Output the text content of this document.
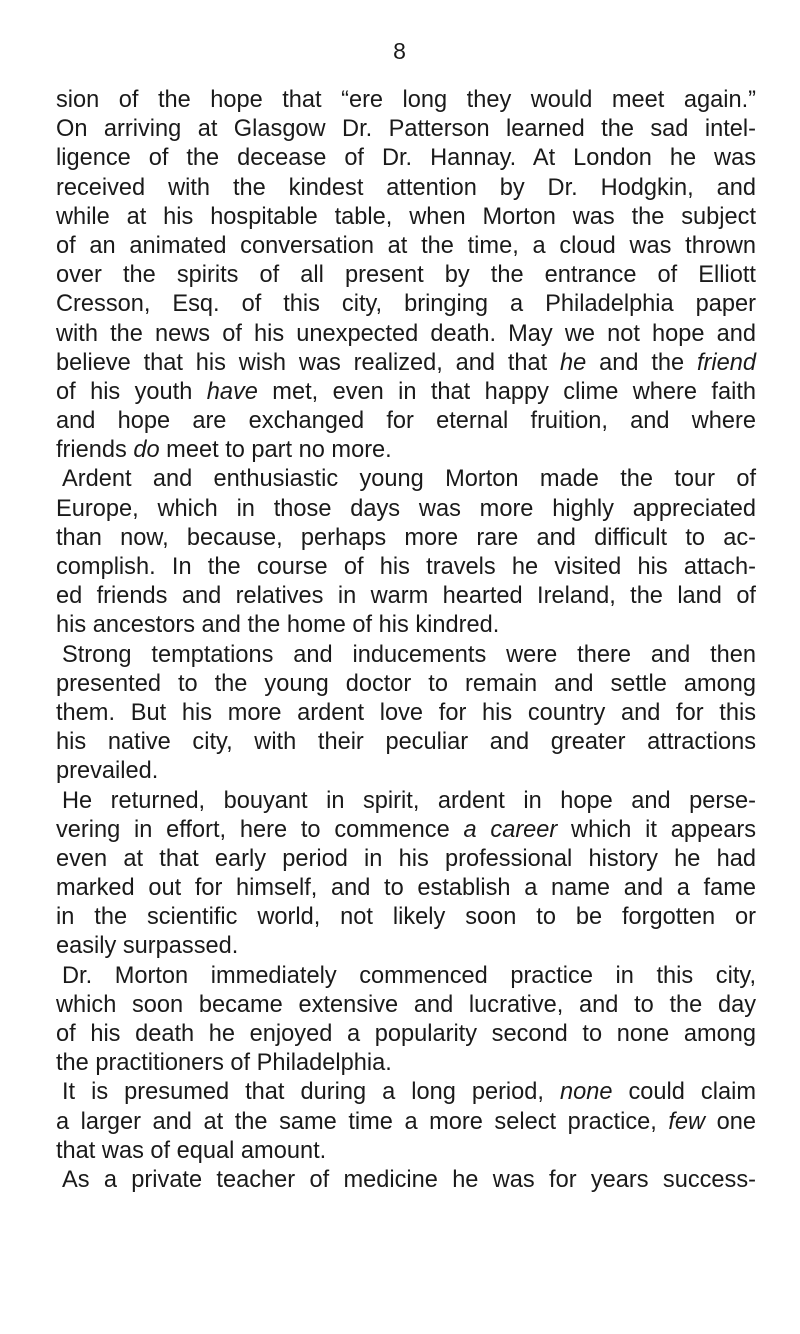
8
sion of the hope that “ere long they would meet again.”
On arriving at Glasgow Dr. Patterson learned the sad intel-
ligence of the decease of Dr. Hannay. At London he was
received with the kindest attention by Dr. Hodgkin, and
while at his hospitable table, when Morton was the subject
of an animated conversation at the time, a cloud was thrown
over the spirits of all present by the entrance of Elliott
Cresson, Esq. of this city, bringing a Philadelphia paper
with the news of his unexpected death. May we not hope and
believe that his wish was realized, and that he and the friend
of his youth have met, even in that happy clime where faith
and hope are exchanged for eternal fruition, and where
friends do meet to part no more.
Ardent and enthusiastic young Morton made the tour of
Europe, which in those days was more highly appreciated
than now, because, perhaps more rare and difficult to ac-
complish. In the course of his travels he visited his attach-
ed friends and relatives in warm hearted Ireland, the land of
his ancestors and the home of his kindred.
Strong temptations and inducements were there and then
presented to the young doctor to remain and settle among
them. But his more ardent love for his country and for this
his native city, with their peculiar and greater attractions
prevailed.
He returned, bouyant in spirit, ardent in hope and perse-
vering in effort, here to commence a career which it appears
even at that early period in his professional history he had
marked out for himself, and to establish a name and a fame
in the scientific world, not likely soon to be forgotten or
easily surpassed.
Dr. Morton immediately commenced practice in this city,
which soon became extensive and lucrative, and to the day
of his death he enjoyed a popularity second to none among
the practitioners of Philadelphia.
It is presumed that during a long period, none could claim
a larger and at the same time a more select practice, few one
that was of equal amount.
As a private teacher of medicine he was for years success-
